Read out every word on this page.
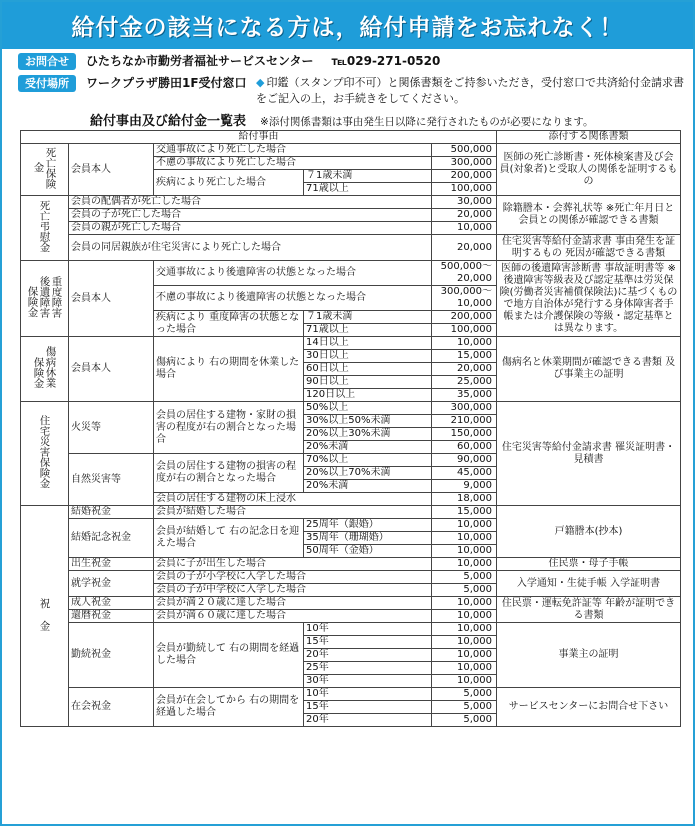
給付金の該当になる方は，給付申請をお忘れなく！
お問合せ	ひたちなか市勤労者福祉サービスセンター ℡029-271-0520
受付場所	ワークプラザ勝田1F受付窓口 ◆ 印鑑（スタンプ印不可）と関係書類をご持参いただき，受付窓口で共済給付金請求書をご記入の上，お手続きをしてください。
給付事由及び給付金一覧表 ※添付関係書類は事由発生日以降に発行されたものが必要になります。
給付事由					添付する関係書類
死亡保険金	会員本人	交通事故により死亡した場合		500,000	医師の死亡診断書・死体検案書及び会員(対象者)と受取人の関係を証明するもの
		不慮の事故により死亡した場合		300,000	
		疾病により死亡した場合	７1歳未満	200,000	
			71歳以上	100,000	
死亡弔慰金	会員の配偶者が死亡した場合			30,000	除籍謄本・会葬礼状等 ※死亡年月日と会員との関係が確認できる書類
	会員の子が死亡した場合			20,000	
	会員の親が死亡した場合			10,000	
	会員の同居親族が住宅災害により死亡した場合			20,000	住宅災害等給付金請求書 事由発生を証明するもの 死因が確認できる書類

保険金後遺障害重度障害	会員本人	交通事故により後遺障害の状態となった場合		500,000〜 20,000	医師の後遺障害診断書 事故証明書等 ※後遺障害等級表及び認定基準は労災保険(労働者災害補償保険法)に基づくもので地方自治体が発行する身体障害者手帳または介護保険の等級・認定基準とは異なります。

		不慮の事故により後遺障害の状態となった場合		300,000〜 10,000	

		疾病により 重度障害の状態となった場合	７1歳未満	200,000	
			71歳以上	100,000	
保険金傷病休業	会員本人	傷病により 右の期間を休業した場合	14日以上	10,000	傷病名と休業期間が確認できる書類 及び事業主の証明
			30日以上	15,000	
			60日以上	20,000	
			90日以上	25,000	
			120日以上	35,000	
住宅災害保険金	火災等	会員の居住する建物・家財の損害の程度が右の割合となった場合	50%以上	300,000	住宅災害等給付金請求書 罹災証明書・見積書
			30%以上50%未満	210,000	
			20%以上30%未満	150,000	
			20%未満	60,000	
	自然災害等	会員の居住する建物の損害の程度が右の割合となった場合	70%以上	90,000	
			20%以上70%未満	45,000	
			20%未満	9,000	
		会員の居住する建物の床上浸水		18,000	
祝 金	結婚祝金	会員が結婚した場合		15,000	戸籍謄本(抄本)
	結婚記念祝金	会員が結婚して 右の記念日を迎えた場合	25周年（銀婚）	10,000	
			35周年（珊瑚婚）	10,000	
			50周年（金婚）	10,000	
	出生祝金	会員に子が出生した場合		10,000	住民票・母子手帳
	就学祝金	会員の子が小学校に入学した場合		5,000	入学通知・生徒手帳 入学証明書
		会員の子が中学校に入学した場合		5,000	
	成人祝金	会員が満２０歳に達した場合		10,000	住民票・運転免許証等 年齢が証明できる書類
	還暦祝金	会員が満６０歳に達した場合		10,000	
	勤続祝金	会員が勤続して 右の期間を経過した場合	10年	10,000	事業主の証明
			15年	10,000	
			20年	10,000	
			25年	10,000	
			30年	10,000	
	在会祝金	会員が在会してから 右の期間を経過した場合	10年	5,000	サービスセンターにお問合せ下さい
			15年	5,000	
			20年	5,000	
